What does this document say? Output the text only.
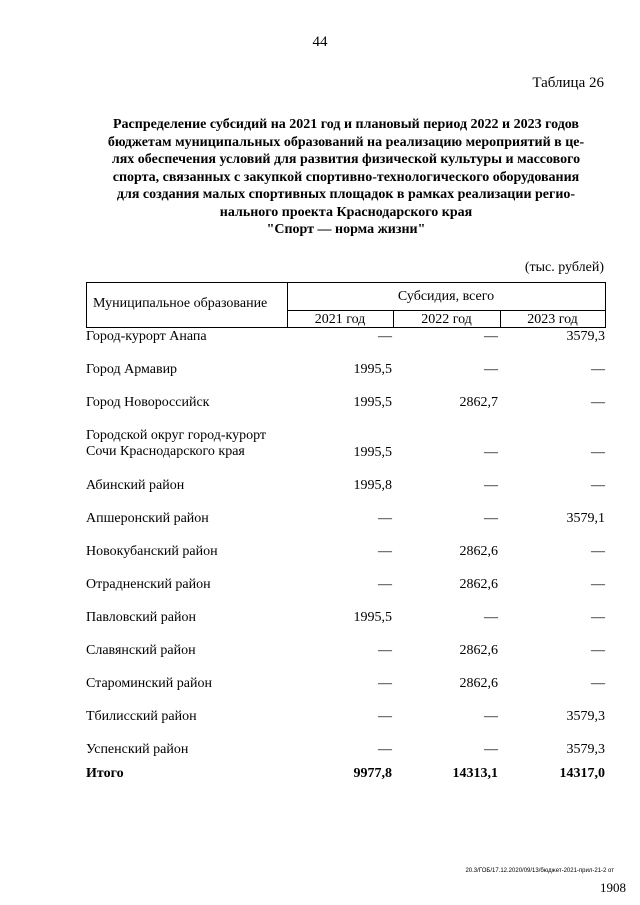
44
Таблица 26
Распределение субсидий на 2021 год и плановый период 2022 и 2023 годов
бюджетам муниципальных образований на реализацию мероприятий в це-
лях обеспечения условий для развития физической культуры и массового
спорта, связанных с закупкой спортивно-технологического оборудования
для создания малых спортивных площадок в рамках реализации регио-
нального проекта Краснодарского края
"Спорт — норма жизни"
(тыс. рублей)
Муниципальное образование	Субсидия, всего
2021 год	2022 год	2023 год
Город-курорт Анапа	—	—	3579,3
Город Армавир	1995,5	—	—
Город Новороссийск	1995,5	2862,7	—
Городской округ город-курорт Сочи Краснодарского края	1995,5	—	—
Абинский район	1995,8	—	—
Апшеронский район	—	—	3579,1
Новокубанский район	—	2862,6	—
Отрадненский район	—	2862,6	—
Павловский район	1995,5	—	—
Славянский район	—	2862,6	—
Староминский район	—	2862,6	—
Тбилисский район	—	—	3579,3
Успенский район	—	—	3579,3
Итого	9977,8	14313,1	14317,0
20.3/ГОБ/17.12.2020/09/13/бюджет-2021-прил-21-2 от
1908
